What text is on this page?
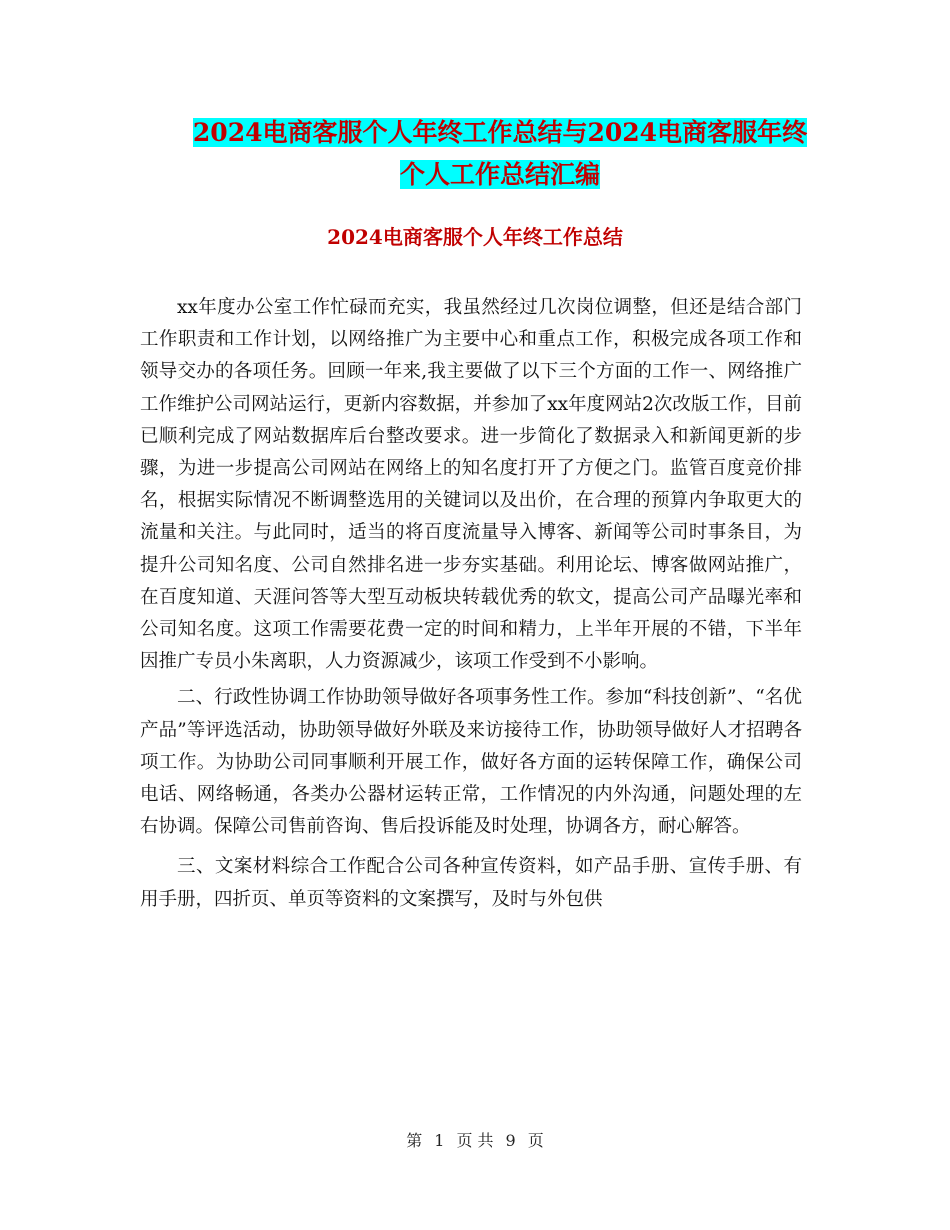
2024电商客服个人年终工作总结与2024电商客服年终
个人工作总结汇编
2024电商客服个人年终工作总结

xx年度办公室工作忙碌而充实，我虽然经过几次岗位调整，但还是结合部门工作职责和工作计划，以网络推广为主要中心和重点工作，积极完成各项工作和领导交办的各项任务。回顾一年来,我主要做了以下三个方面的工作一、网络推广工作维护公司网站运行，更新内容数据，并参加了xx年度网站2次改版工作，目前已顺利完成了网站数据库后台整改要求。进一步简化了数据录入和新闻更新的步骤，为进一步提高公司网站在网络上的知名度打开了方便之门。监管百度竞价排名，根据实际情况不断调整选用的关键词以及出价，在合理的预算内争取更大的流量和关注。与此同时，适当的将百度流量导入博客、新闻等公司时事条目，为提升公司知名度、公司自然排名进一步夯实基础。利用论坛、博客做网站推广，在百度知道、天涯问答等大型互动板块转载优秀的软文，提高公司产品曝光率和公司知名度。这项工作需要花费一定的时间和精力，上半年开展的不错，下半年因推广专员小朱离职，人力资源减少，该项工作受到不小影响。

二、行政性协调工作协助领导做好各项事务性工作。参加“科技创新”、“名优产品”等评选活动，协助领导做好外联及来访接待工作，协助领导做好人才招聘各项工作。为协助公司同事顺利开展工作，做好各方面的运转保障工作，确保公司电话、网络畅通，各类办公器材运转正常，工作情况的内外沟通，问题处理的左右协调。保障公司售前咨询、售后投诉能及时处理，协调各方，耐心解答。

三、文案材料综合工作配合公司各种宣传资料，如产品手册、宣传手册、有用手册，四折页、单页等资料的文案撰写，及时与外包供

第 1 页 共 9 页
